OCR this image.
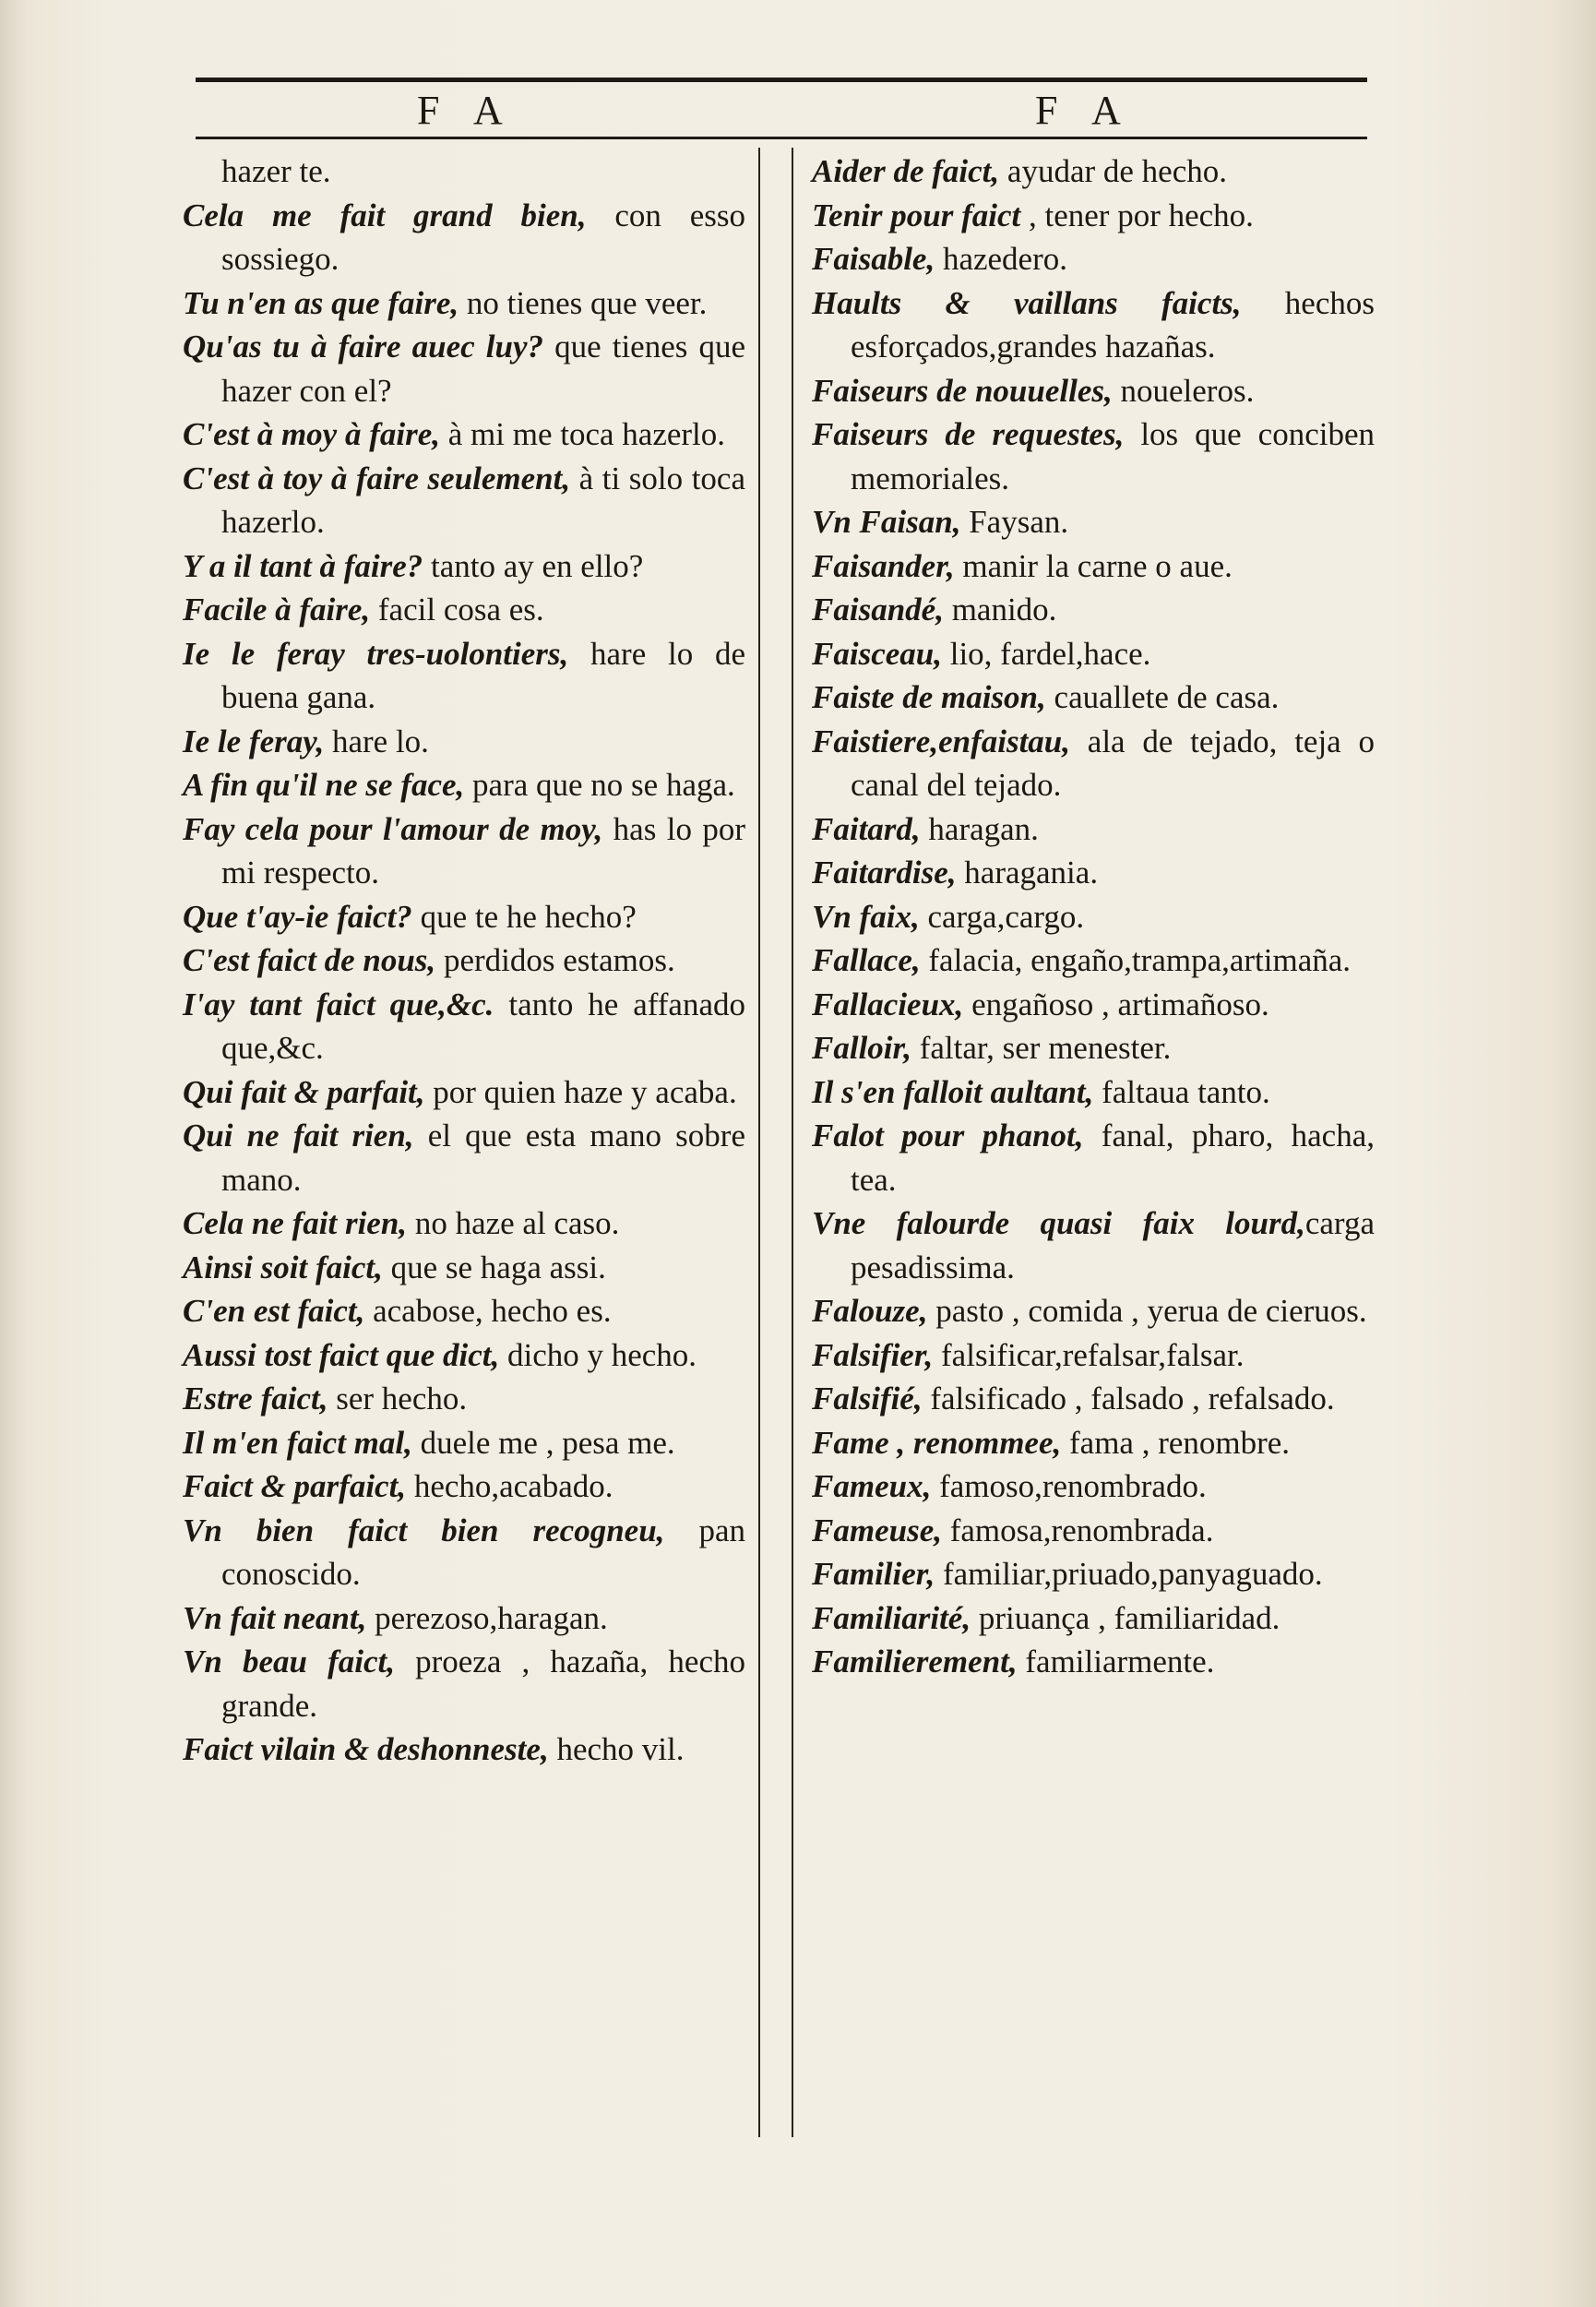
F A	F A
hazer te.
Cela me fait grand bien, con esso sossiego.
Tu n'en as que faire, no tienes que veer.
Qu'as tu à faire auec luy? que tienes que hazer con el?
C'est à moy à faire, à mi me toca hazerlo.
C'est à toy à faire seulement, à ti solo toca hazerlo.
Y a il tant à faire? tanto ay en ello?
Facile à faire, facil cosa es.
Ie le feray tres-uolontiers, hare lo de buena gana.
Ie le feray, hare lo.
A fin qu'il ne se face, para que no se haga.
Fay cela pour l'amour de moy, has lo por mi respecto.
Que t'ay-ie faict? que te he hecho?
C'est faict de nous, perdidos estamos.
I'ay tant faict que,&c. tanto he affanado que,&c.
Qui fait & parfait, por quien haze y acaba.
Qui ne fait rien, el que esta mano sobre mano.
Cela ne fait rien, no haze al caso.
Ainsi soit faict, que se haga assi.
C'en est faict, acabose, hecho es.
Aussi tost faict que dict, dicho y hecho.
Estre faict, ser hecho.
Il m'en faict mal, duele me , pesa me.
Faict & parfaict, hecho,acabado.
Vn bien faict bien recogneu, pan conoscido.
Vn fait neant, perezoso,haragan.
Vn beau faict, proeza , hazaña, hecho grande.
Faict vilain & deshonneste, hecho vil.
Aider de faict, ayudar de hecho.
Tenir pour faict , tener por hecho.
Faisable, hazedero.
Haults & vaillans faicts, hechos esforçados,grandes hazañas.
Faiseurs de nouuelles, noueleros.
Faiseurs de requestes, los que conciben memoriales.
Vn Faisan, Faysan.
Faisander, manir la carne o aue.
Faisandé, manido.
Faisceau, lio, fardel,hace.
Faiste de maison, cauallete de casa.
Faistiere,enfaistau, ala de tejado, teja o canal del tejado.
Faitard, haragan.
Faitardise, haragania.
Vn faix, carga,cargo.
Fallace, falacia, engaño,trampa,artimaña.
Fallacieux, engañoso , artimañoso.
Falloir, faltar, ser menester.
Il s'en falloit aultant, faltaua tanto.
Falot pour phanot, fanal, pharo, hacha, tea.
Vne falourde quasi faix lourd,carga pesadissima.
Falouze, pasto , comida , yerua de cieruos.
Falsifier, falsificar,refalsar,falsar.
Falsifié, falsificado , falsado , refalsado.
Fame , renommee, fama , renombre.
Fameux, famoso,renombrado.
Fameuse, famosa,renombrada.
Familier, familiar,priuado,panyaguado.
Familiarité, priuança , familiaridad.
Familierement, familiarmente.
